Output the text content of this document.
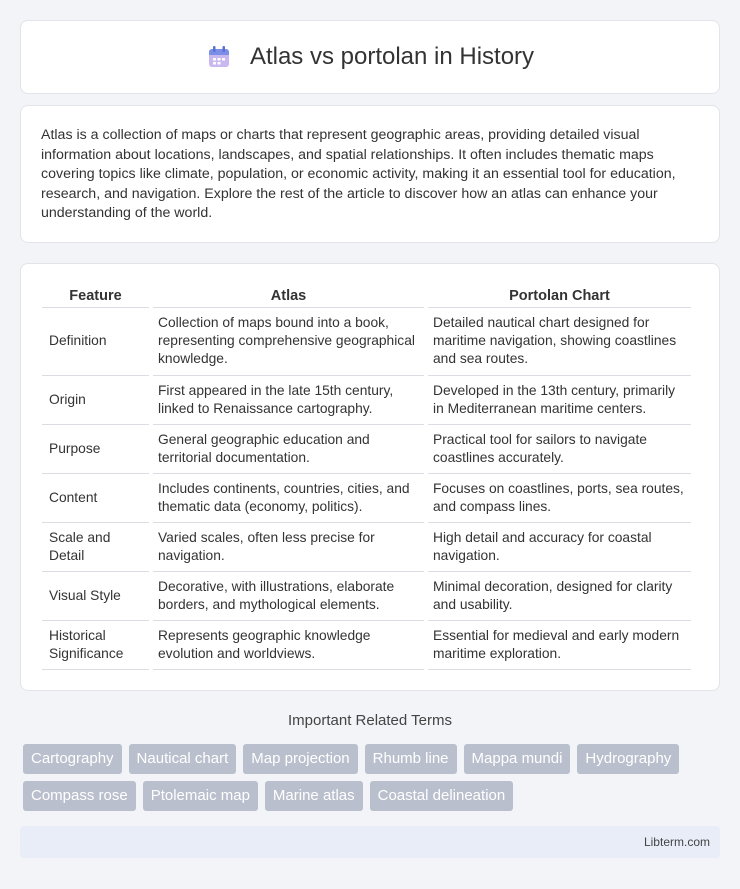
Atlas vs portolan in History

Atlas is a collection of maps or charts that represent geographic areas, providing detailed visual information about locations, landscapes, and spatial relationships. It often includes thematic maps covering topics like climate, population, or economic activity, making it an essential tool for education, research, and navigation. Explore the rest of the article to discover how an atlas can enhance your understanding of the world.

Feature	Atlas	Portolan Chart
Definition	Collection of maps bound into a book, representing comprehensive geographical knowledge.	Detailed nautical chart designed for maritime navigation, showing coastlines and sea routes.
Origin	First appeared in the late 15th century, linked to Renaissance cartography.	Developed in the 13th century, primarily in Mediterranean maritime centers.
Purpose	General geographic education and territorial documentation.	Practical tool for sailors to navigate coastlines accurately.
Content	Includes continents, countries, cities, and thematic data (economy, politics).	Focuses on coastlines, ports, sea routes, and compass lines.
Scale and Detail	Varied scales, often less precise for navigation.	High detail and accuracy for coastal navigation.
Visual Style	Decorative, with illustrations, elaborate borders, and mythological elements.	Minimal decoration, designed for clarity and usability.
Historical Significance	Represents geographic knowledge evolution and worldviews.	Essential for medieval and early modern maritime exploration.
Important Related Terms
Cartography	Nautical chart	Map projection	Rhumb line	Mappa mundi	Hydrography
Compass rose	Ptolemaic map	Marine atlas	Coastal delineation
Libterm.com
